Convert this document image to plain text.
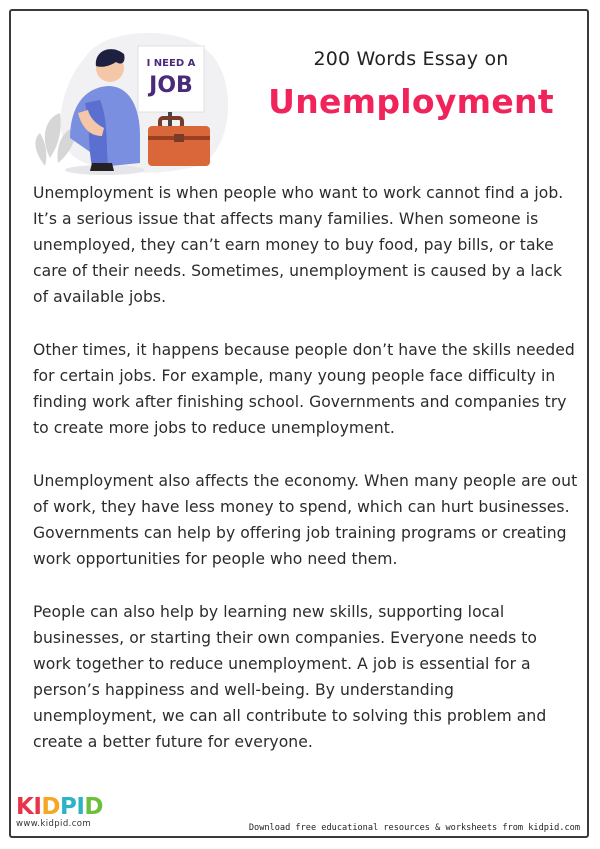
I NEED A
JOB
200 Words Essay on
Unemployment

Unemployment is when people who want to work cannot find a job. It’s a serious issue that affects many families. When someone is unemployed, they can’t earn money to buy food, pay bills, or take care of their needs. Sometimes, unemployment is caused by a lack of available jobs.

Other times, it happens because people don’t have the skills needed for certain jobs. For example, many young people face difficulty in finding work after finishing school. Governments and companies try to create more jobs to reduce unemployment.

Unemployment also affects the economy. When many people are out of work, they have less money to spend, which can hurt businesses. Governments can help by offering job training programs or creating work opportunities for people who need them.

People can also help by learning new skills, supporting local businesses, or starting their own companies. Everyone needs to work together to reduce unemployment. A job is essential for a person’s happiness and well-being. By understanding unemployment, we can all contribute to solving this problem and create a better future for everyone.

KIDPID
www.kidpid.com	Download free educational resources & worksheets from kidpid.com
